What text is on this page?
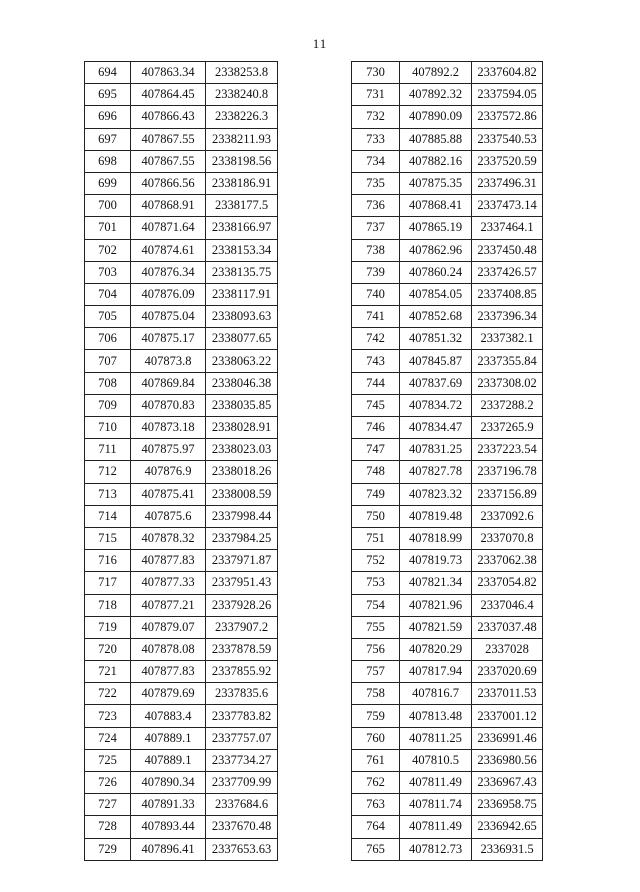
11
694	407863.34	2338253.8
695	407864.45	2338240.8
696	407866.43	2338226.3
697	407867.55	2338211.93
698	407867.55	2338198.56
699	407866.56	2338186.91
700	407868.91	2338177.5
701	407871.64	2338166.97
702	407874.61	2338153.34
703	407876.34	2338135.75
704	407876.09	2338117.91
705	407875.04	2338093.63
706	407875.17	2338077.65
707	407873.8	2338063.22
708	407869.84	2338046.38
709	407870.83	2338035.85
710	407873.18	2338028.91
711	407875.97	2338023.03
712	407876.9	2338018.26
713	407875.41	2338008.59
714	407875.6	2337998.44
715	407878.32	2337984.25
716	407877.83	2337971.87
717	407877.33	2337951.43
718	407877.21	2337928.26
719	407879.07	2337907.2
720	407878.08	2337878.59
721	407877.83	2337855.92
722	407879.69	2337835.6
723	407883.4	2337783.82
724	407889.1	2337757.07
725	407889.1	2337734.27
726	407890.34	2337709.99
727	407891.33	2337684.6
728	407893.44	2337670.48
729	407896.41	2337653.63
730	407892.2	2337604.82
731	407892.32	2337594.05
732	407890.09	2337572.86
733	407885.88	2337540.53
734	407882.16	2337520.59
735	407875.35	2337496.31
736	407868.41	2337473.14
737	407865.19	2337464.1
738	407862.96	2337450.48
739	407860.24	2337426.57
740	407854.05	2337408.85
741	407852.68	2337396.34
742	407851.32	2337382.1
743	407845.87	2337355.84
744	407837.69	2337308.02
745	407834.72	2337288.2
746	407834.47	2337265.9
747	407831.25	2337223.54
748	407827.78	2337196.78
749	407823.32	2337156.89
750	407819.48	2337092.6
751	407818.99	2337070.8
752	407819.73	2337062.38
753	407821.34	2337054.82
754	407821.96	2337046.4
755	407821.59	2337037.48
756	407820.29	2337028
757	407817.94	2337020.69
758	407816.7	2337011.53
759	407813.48	2337001.12
760	407811.25	2336991.46
761	407810.5	2336980.56
762	407811.49	2336967.43
763	407811.74	2336958.75
764	407811.49	2336942.65
765	407812.73	2336931.5
